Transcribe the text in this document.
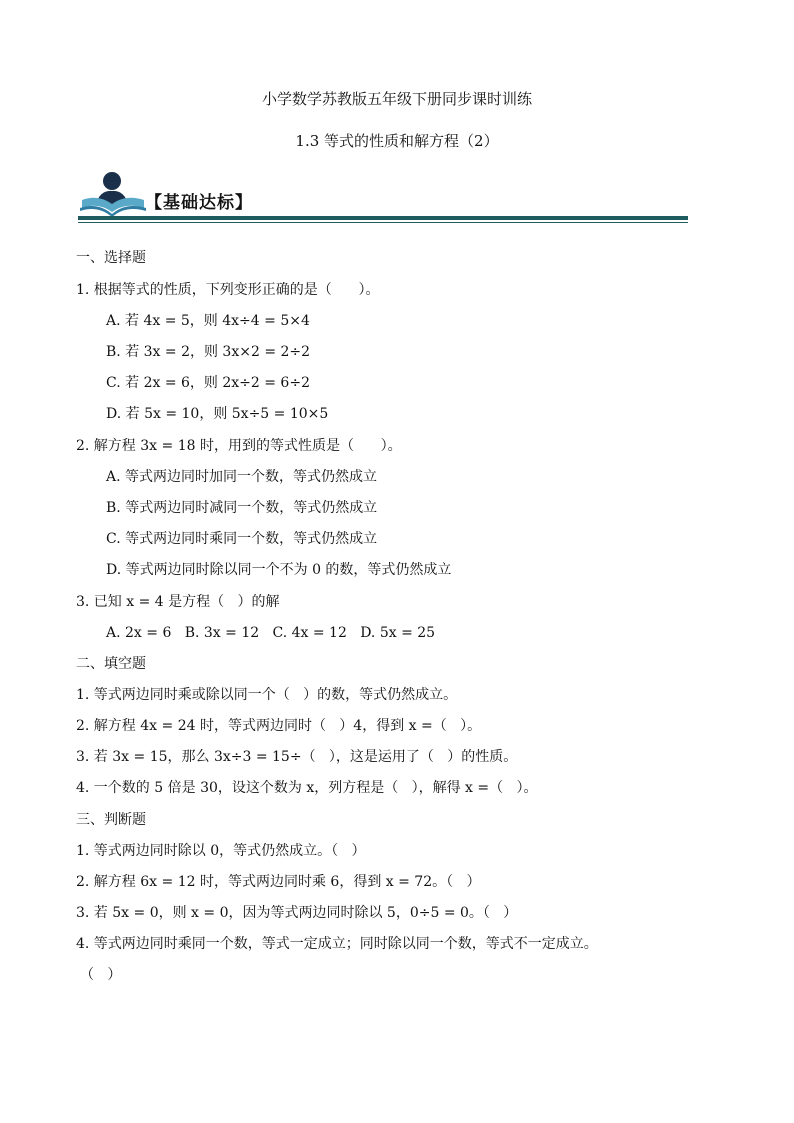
小学数学苏教版五年级下册同步课时训练
1.3 等式的性质和解方程（2）
【基础达标】
一、选择题
1. 根据等式的性质，下列变形正确的是（      ）。
A. 若 4x = 5，则 4x÷4 = 5×4
B. 若 3x = 2，则 3x×2 = 2÷2
C. 若 2x = 6，则 2x÷2 = 6÷2
D. 若 5x = 10，则 5x÷5 = 10×5
2. 解方程 3x = 18 时，用到的等式性质是（      ）。
A. 等式两边同时加同一个数，等式仍然成立
B. 等式两边同时减同一个数，等式仍然成立
C. 等式两边同时乘同一个数，等式仍然成立
D. 等式两边同时除以同一个不为 0 的数，等式仍然成立
3. 已知 x = 4 是方程（   ）的解
A. 2x = 6   B. 3x = 12   C. 4x = 12   D. 5x = 25
二、填空题
1. 等式两边同时乘或除以同一个（   ）的数，等式仍然成立。
2. 解方程 4x = 24 时，等式两边同时（   ）4，得到 x =（   ）。
3. 若 3x = 15，那么 3x÷3 = 15÷（   ），这是运用了（   ）的性质。
4. 一个数的 5 倍是 30，设这个数为 x，列方程是（   ），解得 x =（   ）。
三、判断题
1. 等式两边同时除以 0，等式仍然成立。（   ）
2. 解方程 6x = 12 时，等式两边同时乘 6，得到 x = 72。（   ）
3. 若 5x = 0，则 x = 0，因为等式两边同时除以 5，0÷5 = 0。（   ）
4. 等式两边同时乘同一个数，等式一定成立；同时除以同一个数，等式不一定成立。
（   ）
